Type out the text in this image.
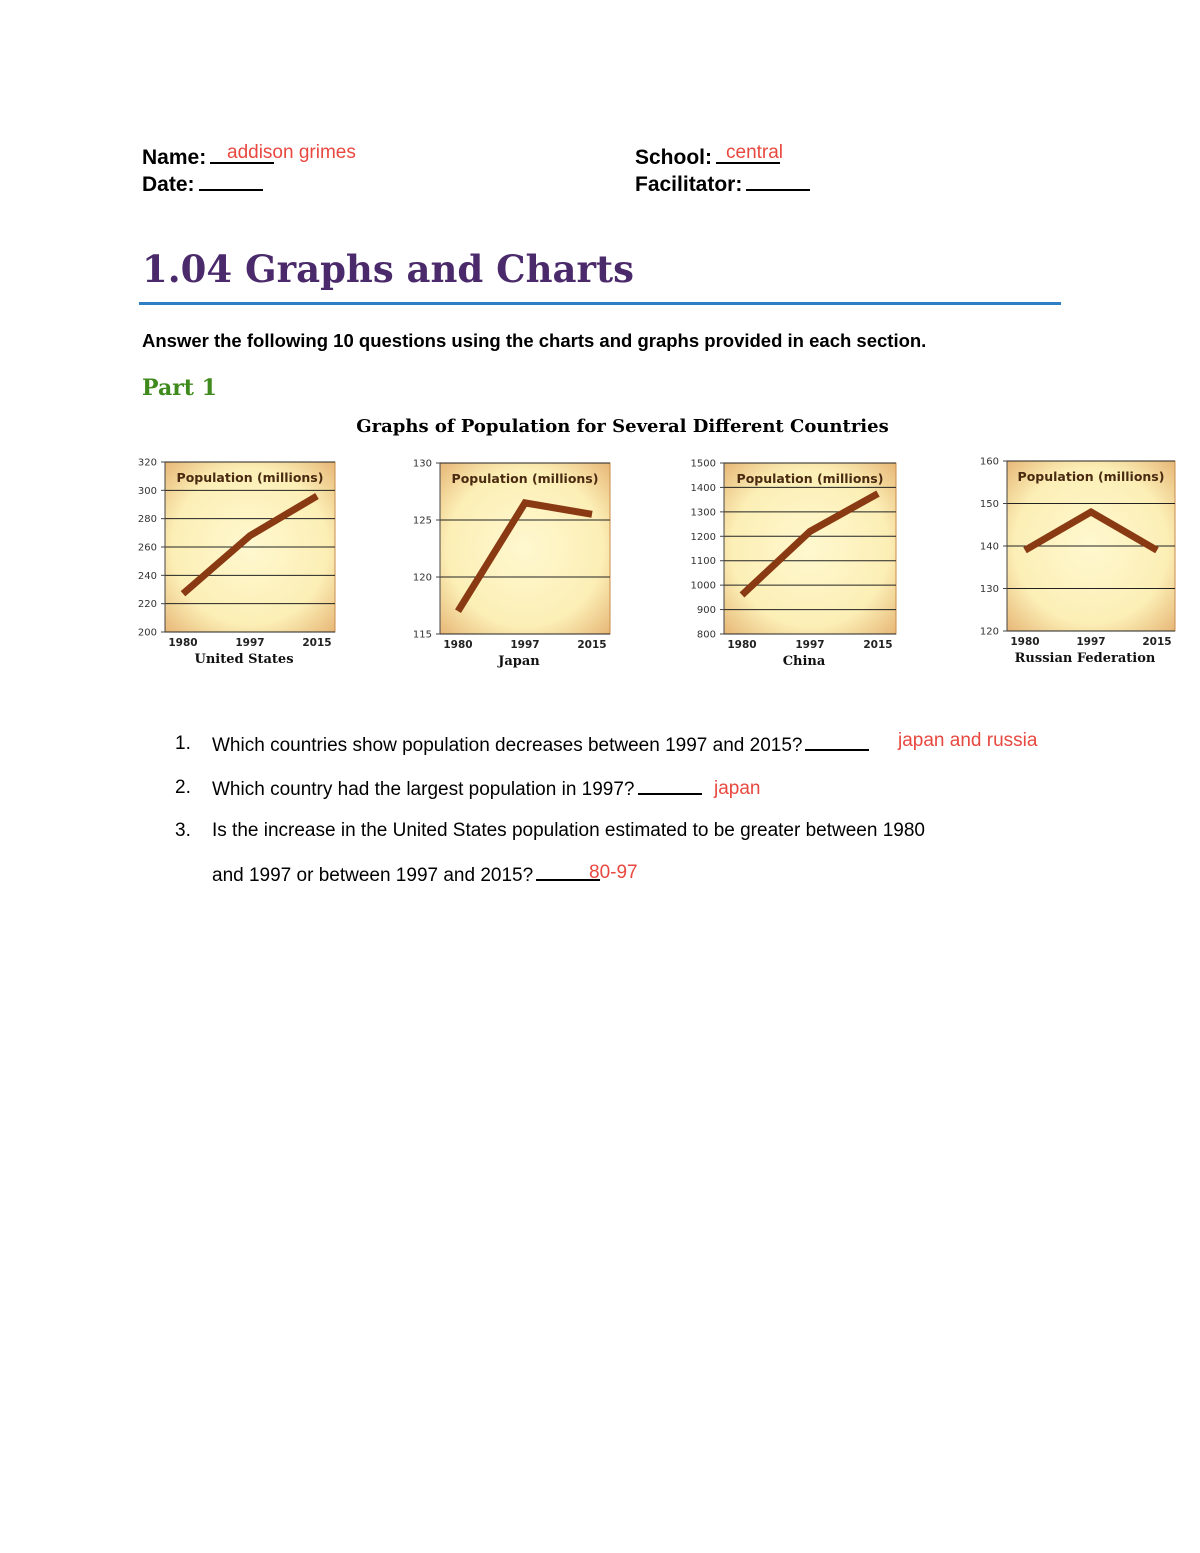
Name:	addison grimes
Date:
School: central
Facilitator:
1.04 Graphs and Charts
Answer the following 10 questions using the charts and graphs provided in each section.
Part 1
Graphs of Population for Several Different Countries
200
220
240
260
280
300
320
Population (millions)
1980	1997	2015
United States
115
120
125
130
Population (millions)
1980	1997	2015
Japan
800
900
1000
1100
1200
1300
1400
1500
Population (millions)
1980	1997	2015
China
120
130
140
150
160
Population (millions)
1980	1997	2015
Russian Federation
1. Which countries show population decreases between 1997 and 2015?	japan and russia
2. Which country had the largest population in 1997?	japan
3. Is the increase in the United States population estimated to be greater between 1980
and 1997 or between 1997 and 2015?	80-97
